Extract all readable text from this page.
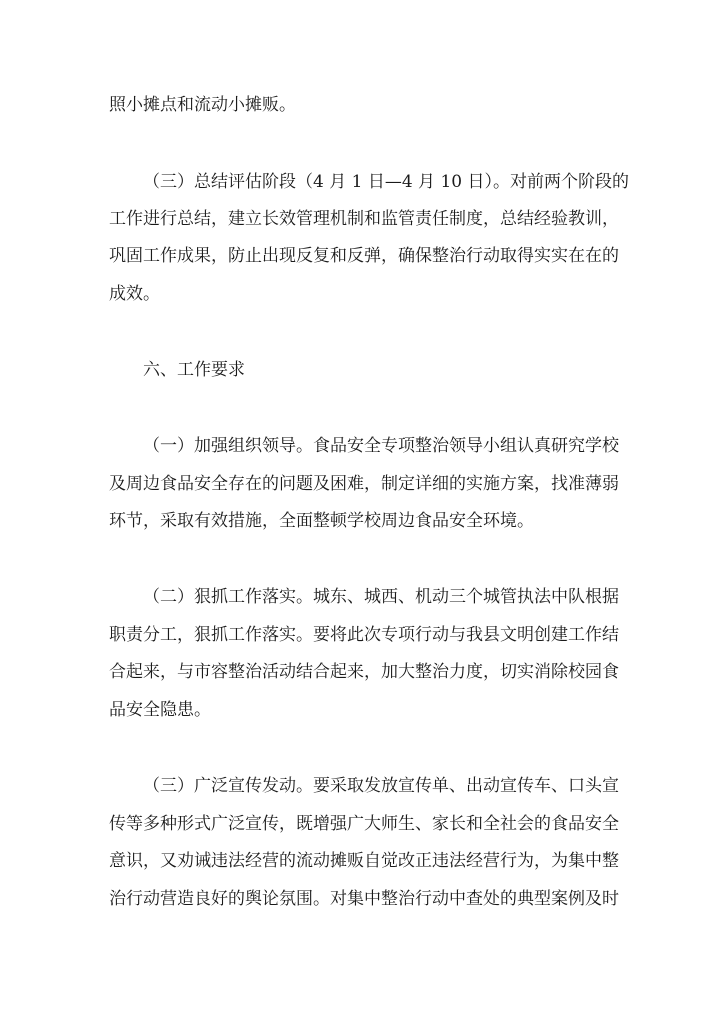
照小摊点和流动小摊贩。
（三）总结评估阶段（4 月 1 日—4 月 10 日）。对前两个阶段的
工作进行总结，建立长效管理机制和监管责任制度，总结经验教训，
巩固工作成果，防止出现反复和反弹，确保整治行动取得实实在在的
成效。
六、工作要求
（一）加强组织领导。食品安全专项整治领导小组认真研究学校
及周边食品安全存在的问题及困难，制定详细的实施方案，找准薄弱
环节，采取有效措施，全面整顿学校周边食品安全环境。
（二）狠抓工作落实。城东、城西、机动三个城管执法中队根据
职责分工，狠抓工作落实。要将此次专项行动与我县文明创建工作结
合起来，与市容整治活动结合起来，加大整治力度，切实消除校园食
品安全隐患。
（三）广泛宣传发动。要采取发放宣传单、出动宣传车、口头宣
传等多种形式广泛宣传，既增强广大师生、家长和全社会的食品安全
意识，又劝诫违法经营的流动摊贩自觉改正违法经营行为，为集中整
治行动营造良好的舆论氛围。对集中整治行动中查处的典型案例及时
